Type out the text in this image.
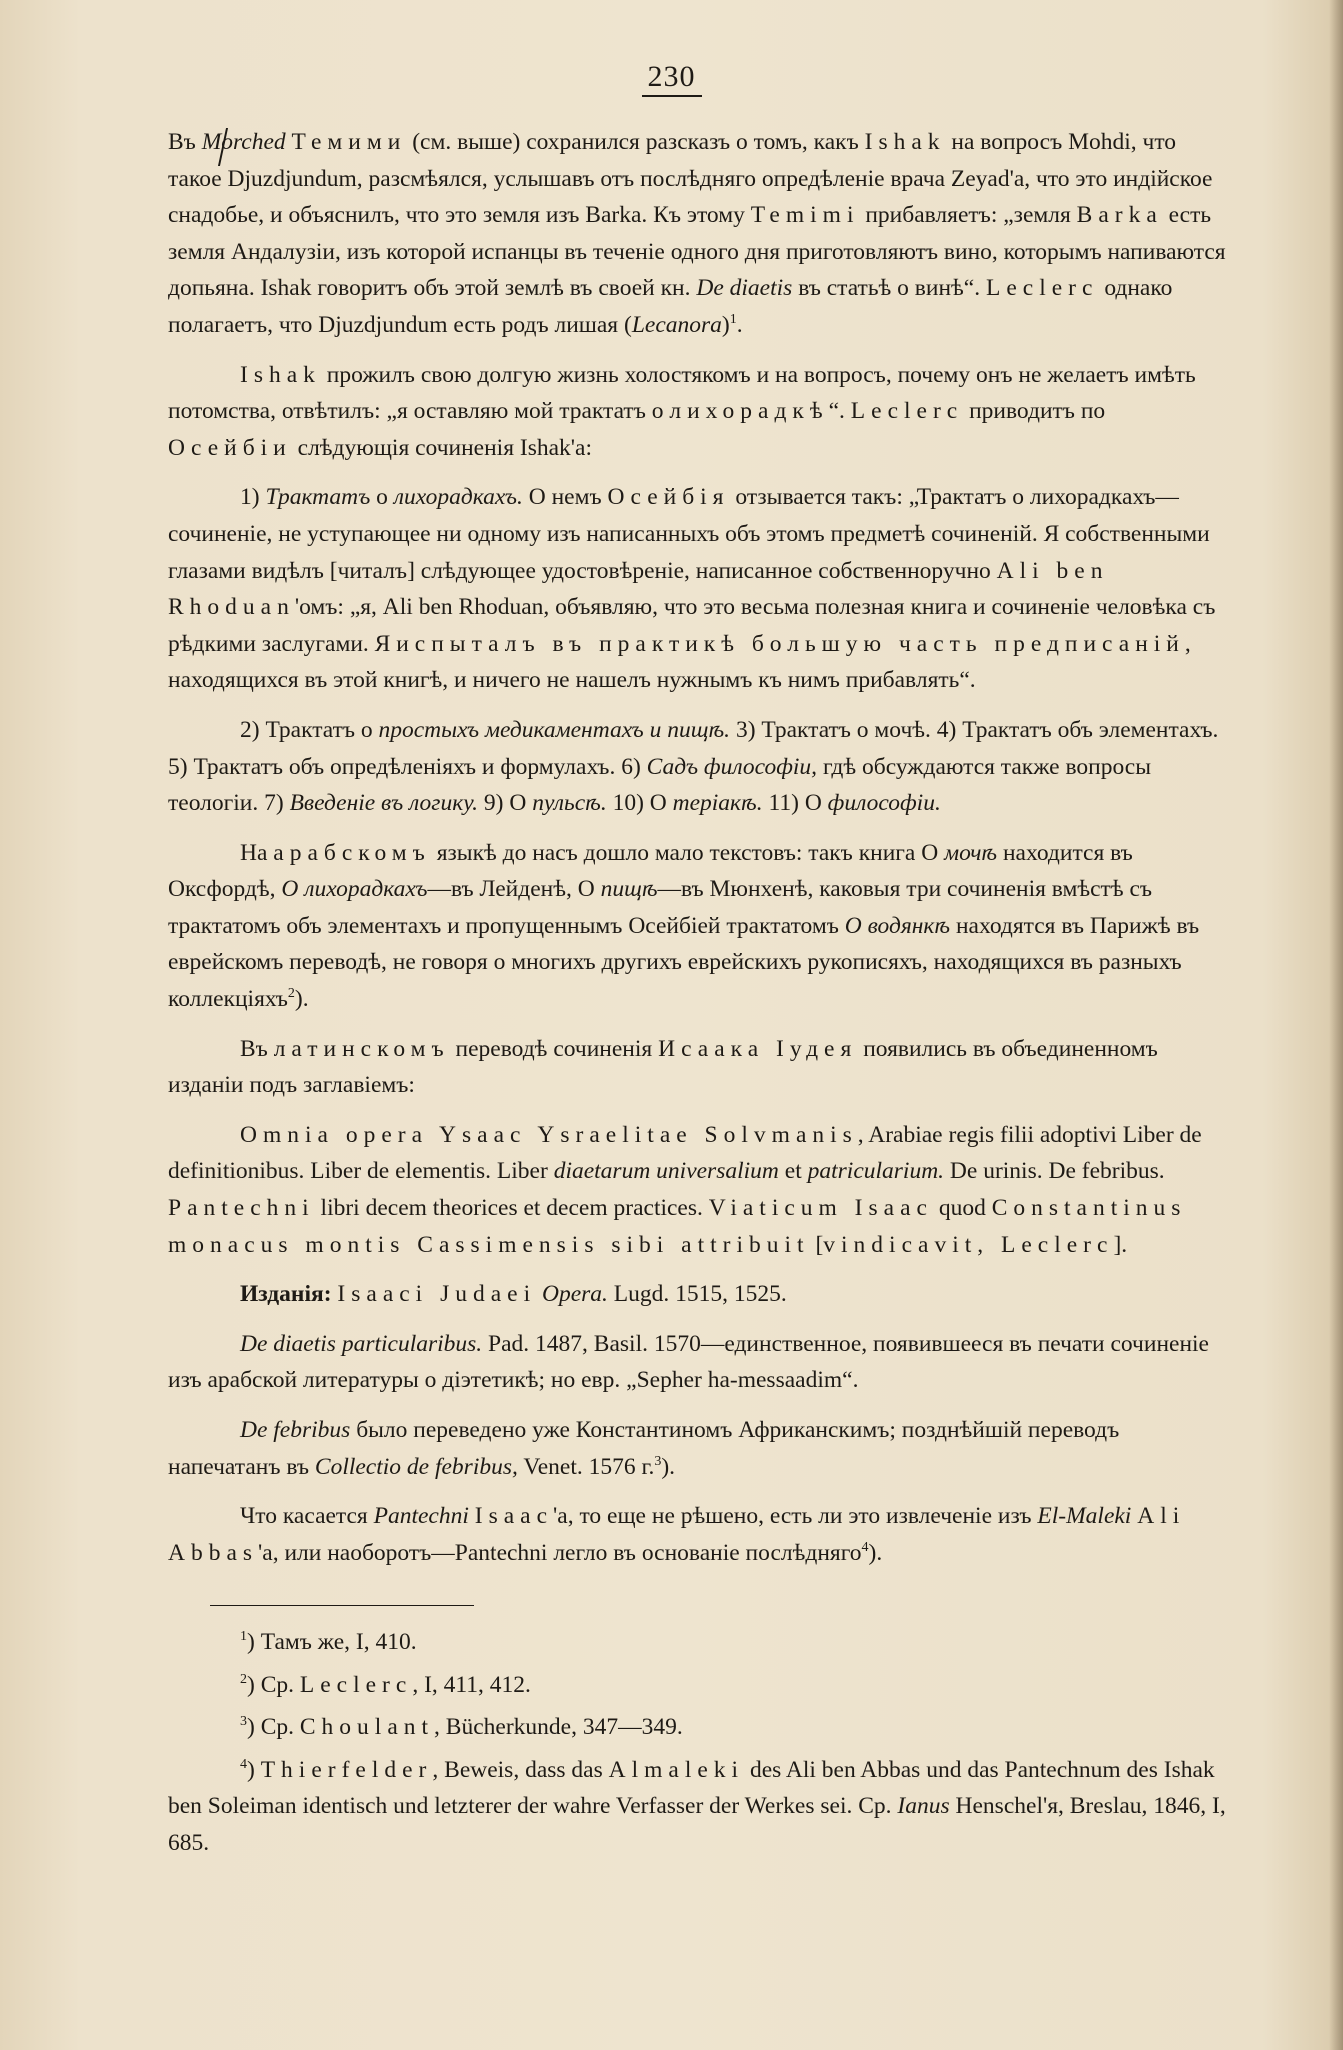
230

Въ Morched Темими (см. выше) сохранился разсказъ о томъ, какъ Ishak на вопросъ Mohdi, что такое Djuzdjundum, разсмѣялся, услышавъ отъ послѣдняго опредѣленіе врача Zeyad'а, что это индійское снадобье, и объяснилъ, что это земля изъ Barka. Къ этому Temimi прибавляетъ: „земля Barka есть земля Андалузіи, изъ которой испанцы въ теченіе одного дня приготовляютъ вино, которымъ напиваются допьяна. Ishak говоритъ объ этой землѣ въ своей кн. De diaetis въ статьѣ о винѣ“. Leclerc однако полагаетъ, что Djuzdjundum есть родъ лишая (Lecanora)$^1$.

Ishak прожилъ свою долгую жизнь холостякомъ и на вопросъ, почему онъ не желаетъ имѣть потомства, отвѣтилъ: „я оставляю мой трактатъ о лихорадкѣ“. Leclerc приводитъ по Осейбіи слѣдующія сочиненія Ishak'а:

1) Трактатъ о лихорадкахъ. О немъ Осейбія отзывается такъ: „Трактатъ о лихорадкахъ—сочиненіе, не уступающее ни одному изъ написанныхъ объ этомъ предметѣ сочиненій. Я собственными глазами видѣлъ [читалъ] слѣдующее удостовѣреніе, написанное собственноручно Ali ben Rhoduan'омъ: „я, Ali ben Rhoduan, объявляю, что это весьма полезная книга и сочиненіе человѣка съ рѣдкими заслугами. Я испыталъ въ практикѣ большую часть предписаній, находящихся въ этой книгѣ, и ничего не нашелъ нужнымъ къ нимъ прибавлять“.

2) Трактатъ о простыхъ медикаментахъ и пищѣ. 3) Трактатъ о мочѣ. 4) Трактатъ объ элементахъ. 5) Трактатъ объ опредѣленіяхъ и формулахъ. 6) Садъ философіи, гдѣ обсуждаются также вопросы теологіи. 7) Введеніе въ логику. 9) О пульсѣ. 10) О теріакѣ. 11) О философіи.

На арабскомъ языкѣ до насъ дошло мало текстовъ: такъ книга О мочѣ находится въ Оксфордѣ, О лихорадкахъ—въ Лейденѣ, О пищѣ—въ Мюнхенѣ, каковыя три сочиненія вмѣстѣ съ трактатомъ объ элементахъ и пропущеннымъ Осейбіей трактатомъ О водянкѣ находятся въ Парижѣ въ еврейскомъ переводѣ, не говоря о многихъ другихъ еврейскихъ рукописяхъ, находящихся въ разныхъ коллекціяхъ$^2$).

Въ латинскомъ переводѣ сочиненія Исаака Іудея появились въ объединенномъ изданіи подъ заглавіемъ:

Omnia opera Ysaac Ysraelitae Solvmanis, Arabiae regis filii adoptivi Liber de definitionibus. Liber de elementis. Liber diaetarum universalium et patricularium. De urinis. De febribus. Pantechni libri decem theorices et decem practices. Viaticum Isaac quod Constantinus monacus montis Cassimensis sibi attribuit [vindicavit, Leclerc].

Изданія: Isaaci Judaei Opera. Lugd. 1515, 1525.

De diaetis particularibus. Pad. 1487, Basil. 1570—единственное, появившееся въ печати сочиненіе изъ арабской литературы о діэтетикѣ; но евр. „Sepher ha-messaadim“.

De febribus было переведено уже Константиномъ Африканскимъ; позднѣйшій переводъ напечатанъ въ Collectio de febribus, Venet. 1576 г.$^3$).

Что касается Pantechni Isaac'а, то еще не рѣшено, есть ли это извлеченіе изъ El-Maleki Ali Abbas'а, или наоборотъ—Pantechni легло въ основаніе послѣдняго$^4$).

$^1$) Тамъ же, I, 410.

$^2$) Ср. Leclerc, I, 411, 412.

$^3$) Ср. Choulant, Bücherkunde, 347—349.

$^4$) Thierfelder, Beweis, dass das Almaleki des Ali ben Abbas und das Pantechnum des Ishak ben Soleiman identisch und letzterer der wahre Verfasser der Werkes sei. Cp. Ianus Henschel'я, Breslau, 1846, I, 685.
